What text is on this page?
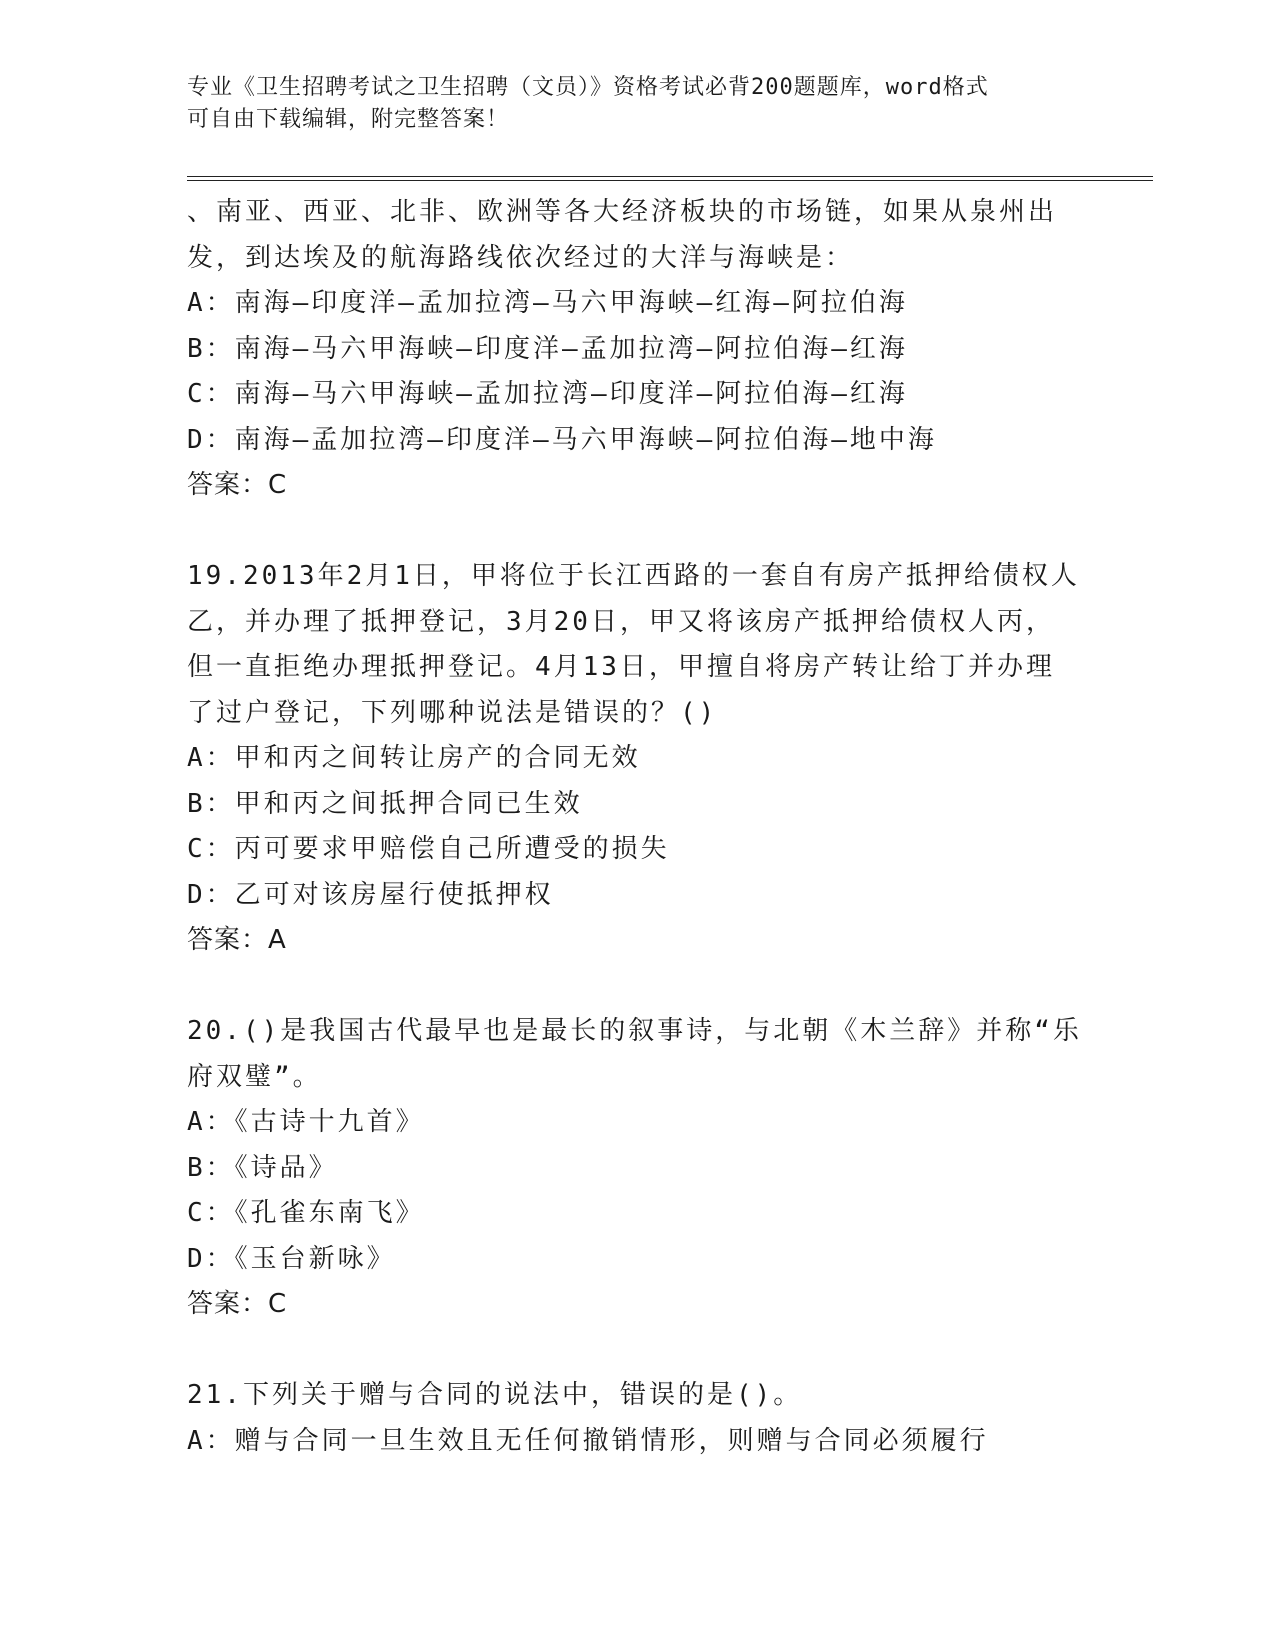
专业《卫生招聘考试之卫生招聘（文员）》资格考试必背200题题库，word格式
可自由下载编辑，附完整答案！
、南亚、西亚、北非、欧洲等各大经济板块的市场链，如果从泉州出
发，到达埃及的航海路线依次经过的大洋与海峡是：
A：南海—印度洋—孟加拉湾—马六甲海峡—红海—阿拉伯海
B：南海—马六甲海峡—印度洋—孟加拉湾—阿拉伯海—红海
C：南海—马六甲海峡—孟加拉湾—印度洋—阿拉伯海—红海
D：南海—孟加拉湾—印度洋—马六甲海峡—阿拉伯海—地中海
答案：C
19.2013年2月1日，甲将位于长江西路的一套自有房产抵押给债权人
乙，并办理了抵押登记，3月20日，甲又将该房产抵押给债权人丙，
但一直拒绝办理抵押登记。4月13日，甲擅自将房产转让给丁并办理
了过户登记，下列哪种说法是错误的？()
A：甲和丙之间转让房产的合同无效
B：甲和丙之间抵押合同已生效
C：丙可要求甲赔偿自己所遭受的损失
D：乙可对该房屋行使抵押权
答案：A
20.()是我国古代最早也是最长的叙事诗，与北朝《木兰辞》并称“乐
府双璧”。
A：《古诗十九首》
B：《诗品》
C：《孔雀东南飞》
D：《玉台新咏》
答案：C
21.下列关于赠与合同的说法中，错误的是()。
A：赠与合同一旦生效且无任何撤销情形，则赠与合同必须履行
